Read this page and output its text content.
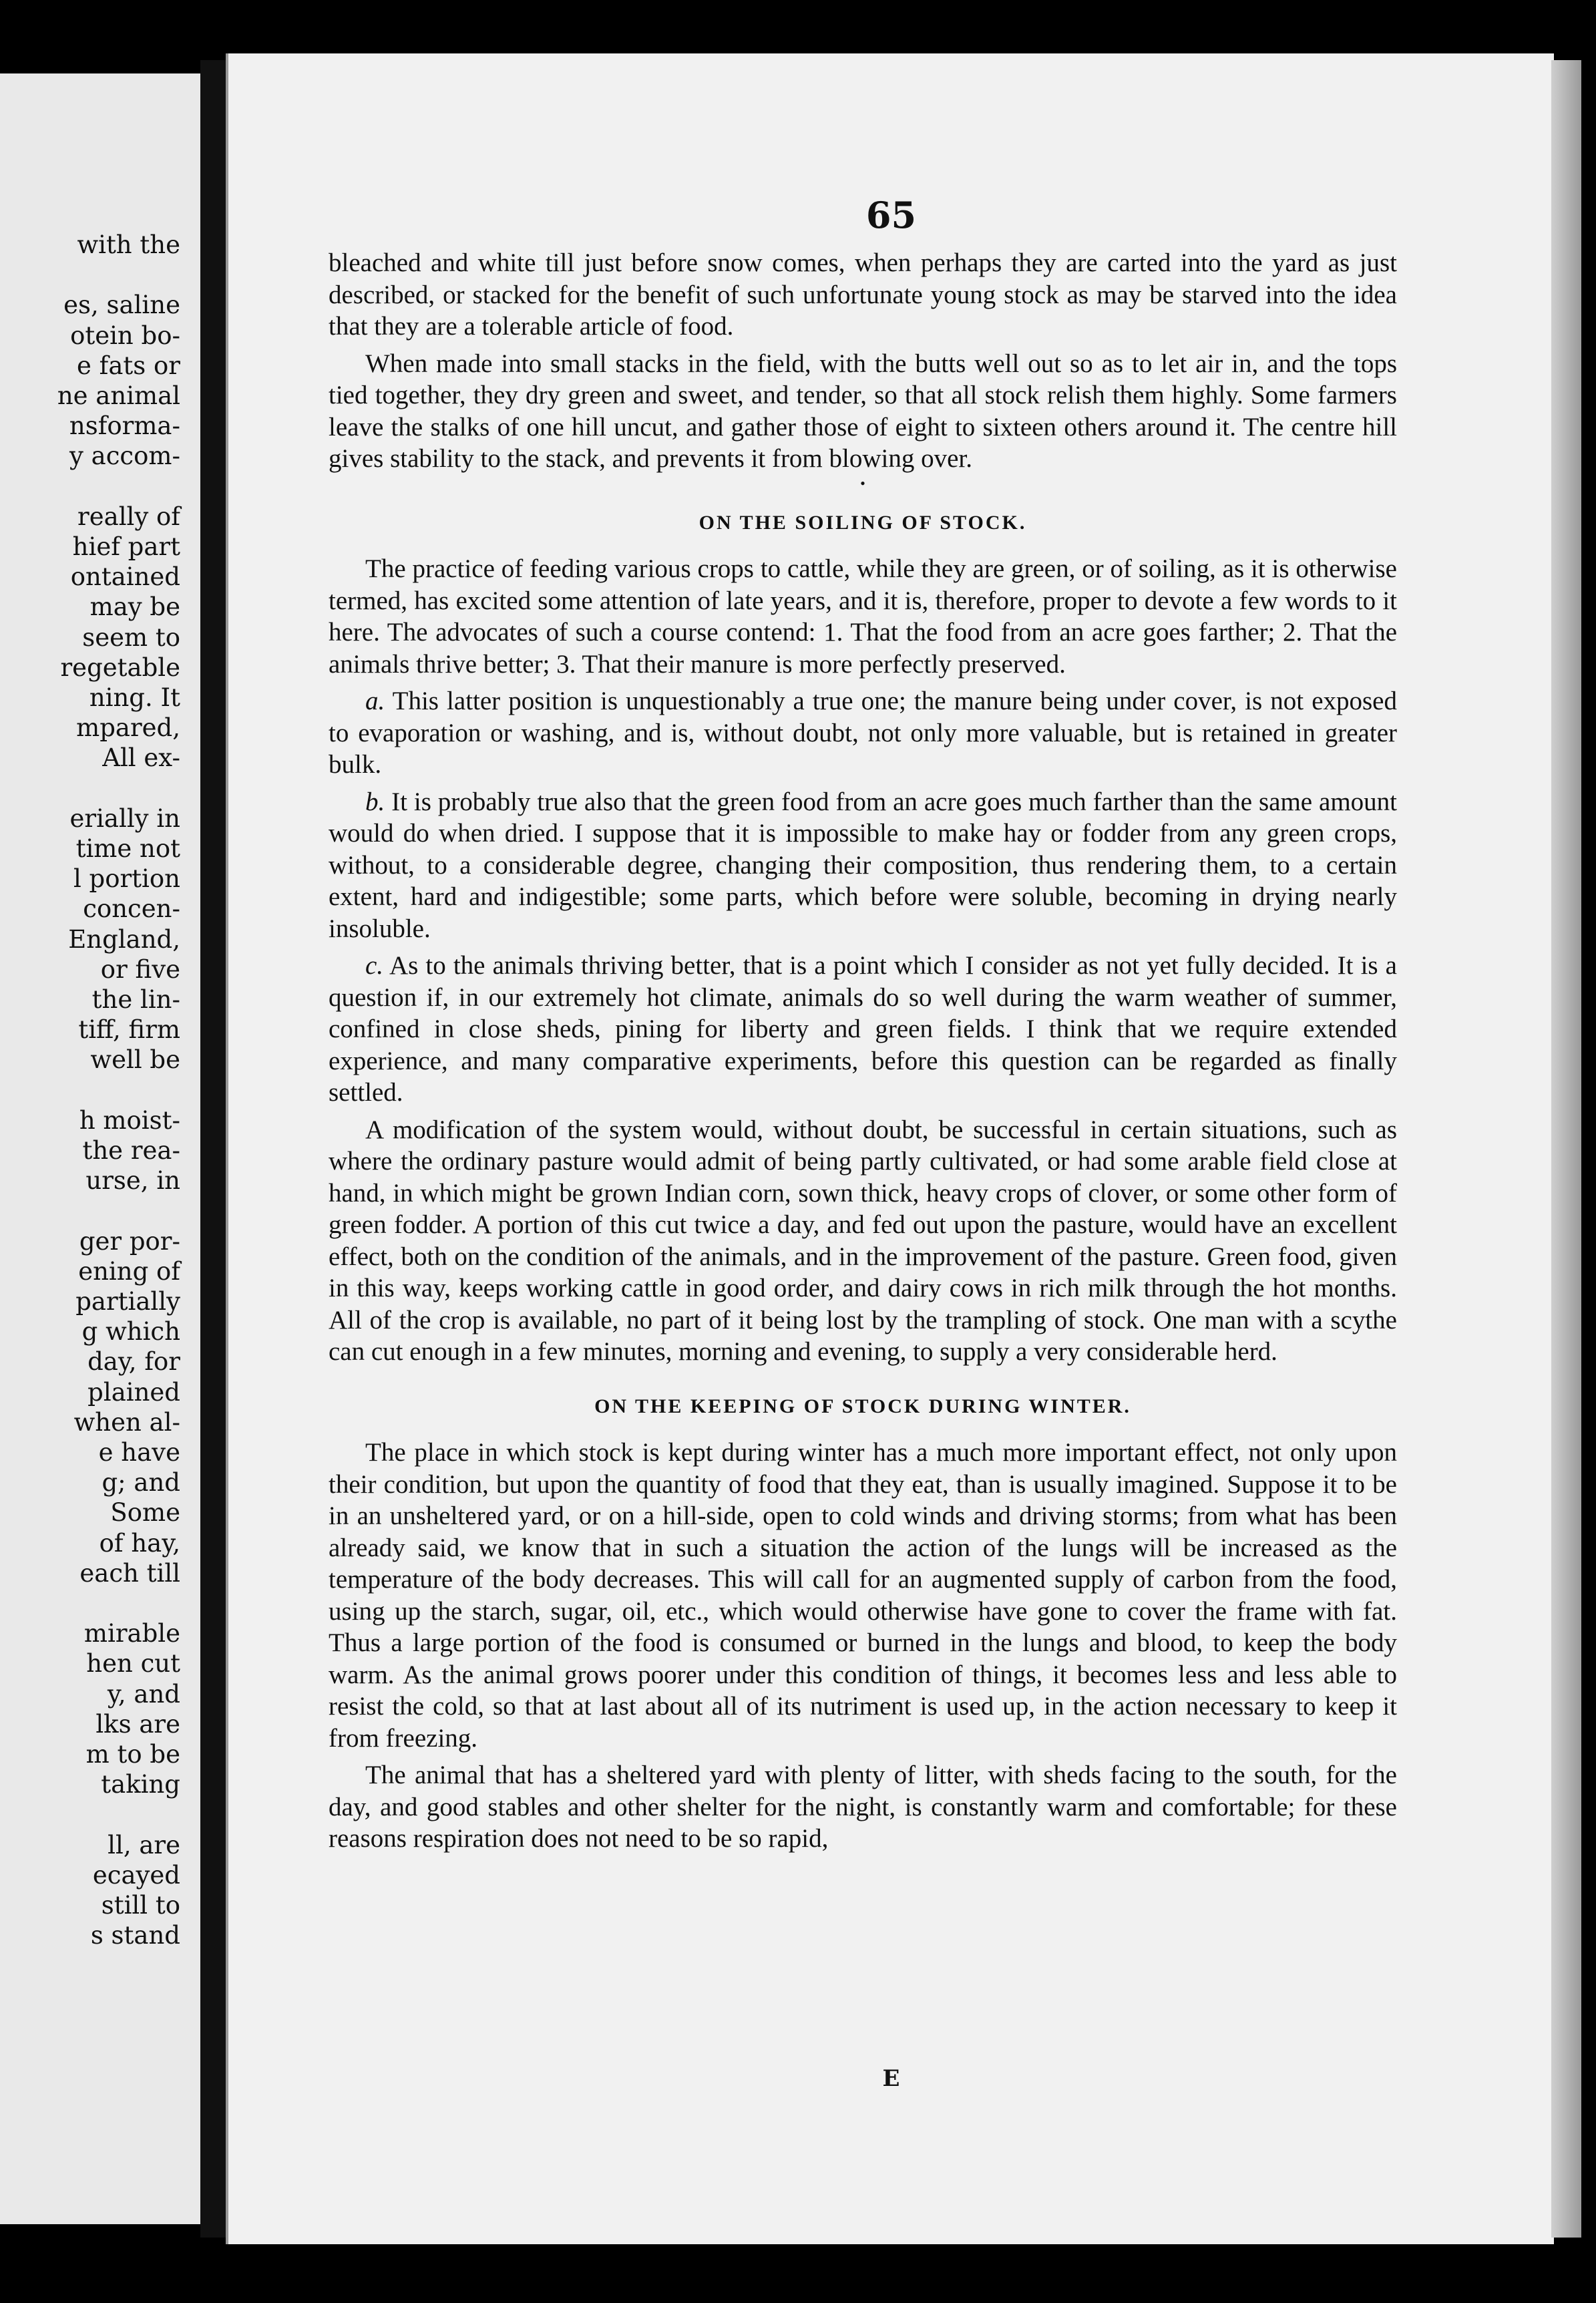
with the
es, saline
otein bo-
e fats or
ne animal
nsforma-
y accom-
really of
hief part
ontained
may be
seem to
regetable
ning. It
mpared,
All ex-
erially in
time not
l portion
concen-
England,
or five
the lin-
tiff, firm
well be
h moist-
the rea-
urse, in
ger por-
ening of
partially
g which
day, for
plained
when al-
e have
g; and
Some
of hay,
each till
mirable
hen cut
y, and
lks are
m to be
taking
ll, are
ecayed
still to
s stand
65

bleached and white till just before snow comes, when perhaps they are carted into the yard as just described, or stacked for the benefit of such unfortunate young stock as may be starved into the idea that they are a tolerable article of food.

When made into small stacks in the field, with the butts well out so as to let air in, and the tops tied together, they dry green and sweet, and tender, so that all stock relish them highly. Some farmers leave the stalks of one hill uncut, and gather those of eight to sixteen others around it. The centre hill gives stability to the stack, and prevents it from blowing over.

•

ON THE SOILING OF STOCK.

The practice of feeding various crops to cattle, while they are green, or of soiling, as it is otherwise termed, has excited some attention of late years, and it is, therefore, proper to devote a few words to it here. The advocates of such a course contend: 1. That the food from an acre goes farther; 2. That the animals thrive better; 3. That their manure is more perfectly preserved.

a. This latter position is unquestionably a true one; the manure being under cover, is not exposed to evaporation or washing, and is, without doubt, not only more valuable, but is retained in greater bulk.

b. It is probably true also that the green food from an acre goes much farther than the same amount would do when dried. I suppose that it is impossible to make hay or fodder from any green crops, without, to a considerable degree, changing their composition, thus rendering them, to a certain extent, hard and indigestible; some parts, which before were soluble, becoming in drying nearly insoluble.

c. As to the animals thriving better, that is a point which I consider as not yet fully decided. It is a question if, in our extremely hot climate, animals do so well during the warm weather of summer, confined in close sheds, pining for liberty and green fields. I think that we require extended experience, and many comparative experiments, before this question can be regarded as finally settled.

A modification of the system would, without doubt, be successful in certain situations, such as where the ordinary pasture would admit of being partly cultivated, or had some arable field close at hand, in which might be grown Indian corn, sown thick, heavy crops of clover, or some other form of green fodder. A portion of this cut twice a day, and fed out upon the pasture, would have an excellent effect, both on the condition of the animals, and in the improvement of the pasture. Green food, given in this way, keeps working cattle in good order, and dairy cows in rich milk through the hot months. All of the crop is available, no part of it being lost by the trampling of stock. One man with a scythe can cut enough in a few minutes, morning and evening, to supply a very considerable herd.

ON THE KEEPING OF STOCK DURING WINTER.

The place in which stock is kept during winter has a much more important effect, not only upon their condition, but upon the quantity of food that they eat, than is usually imagined. Suppose it to be in an unsheltered yard, or on a hill-side, open to cold winds and driving storms; from what has been already said, we know that in such a situation the action of the lungs will be increased as the temperature of the body decreases. This will call for an augmented supply of carbon from the food, using up the starch, sugar, oil, etc., which would otherwise have gone to cover the frame with fat. Thus a large portion of the food is consumed or burned in the lungs and blood, to keep the body warm. As the animal grows poorer under this condition of things, it becomes less and less able to resist the cold, so that at last about all of its nutriment is used up, in the action necessary to keep it from freezing.

The animal that has a sheltered yard with plenty of litter, with sheds facing to the south, for the day, and good stables and other shelter for the night, is constantly warm and comfortable; for these reasons respiration does not need to be so rapid,

E
